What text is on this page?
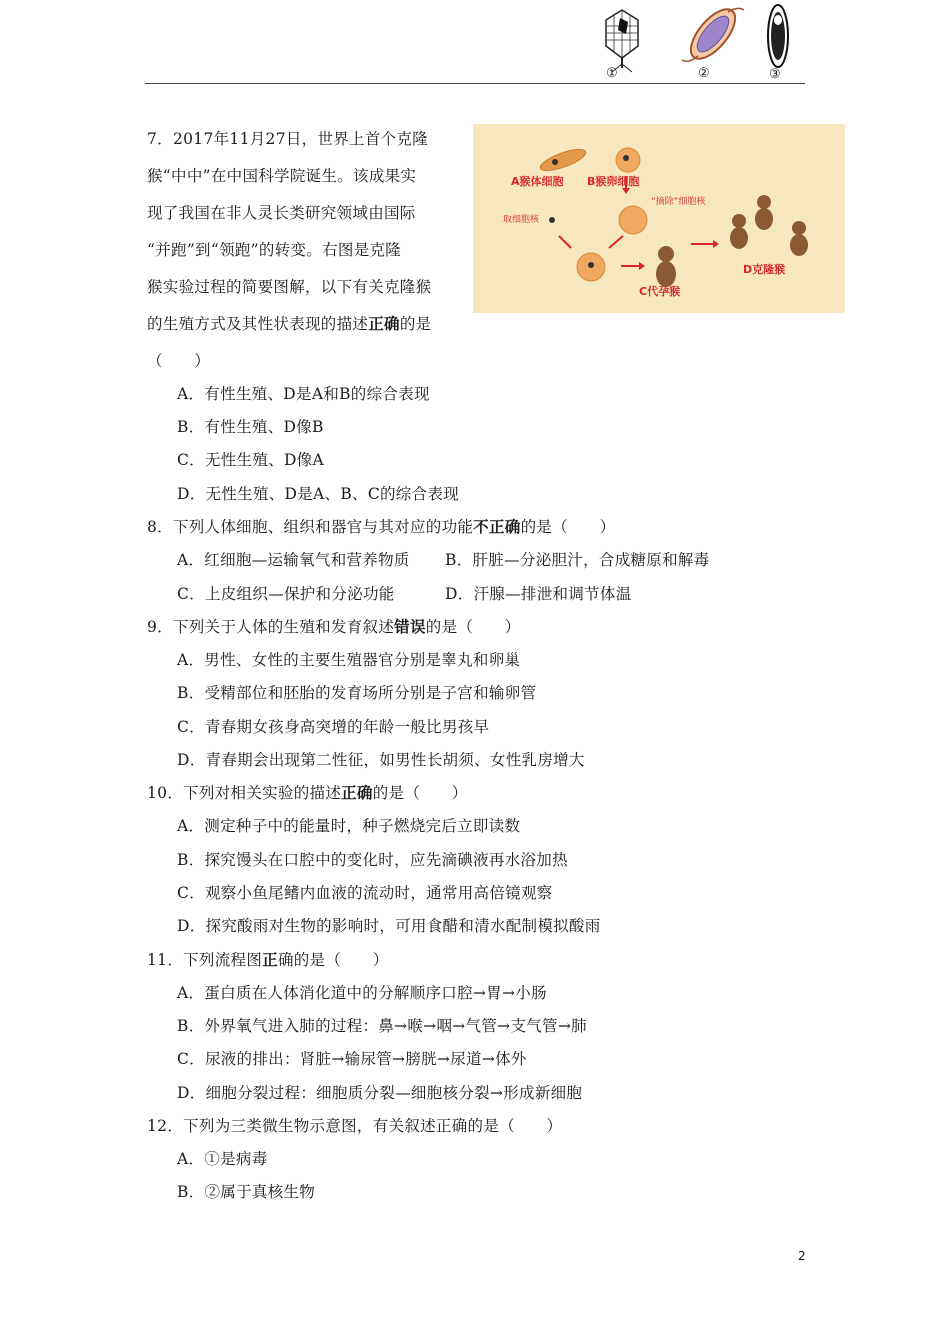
①	②	③
7．2017年11月27日，世界上首个克隆
猴“中中”在中国科学院诞生。该成果实
现了我国在非人灵长类研究领域由国际
“并跑”到“领跑”的转变。右图是克隆
猴实验过程的简要图解，以下有关克隆猴
的生殖方式及其性状表现的描述正确的是
（　　）
A．有性生殖、D是A和B的综合表现
B．有性生殖、D像B
C．无性生殖、D像A
D．无性生殖、D是A、B、C的综合表现
A猴体细胞 B猴卵细胞
取细胞核
“摘除”细胞核
C代孕猴
D克隆猴
8．下列人体细胞、组织和器官与其对应的功能不正确的是（　　）
A．红细胞—运输氧气和营养物质 B．肝脏—分泌胆汁，合成糖原和解毒
C．上皮组织—保护和分泌功能	D．汗腺—排泄和调节体温
9．下列关于人体的生殖和发育叙述错误的是（　　）
A．男性、女性的主要生殖器官分别是睾丸和卵巢
B．受精部位和胚胎的发育场所分别是子宫和输卵管
C．青春期女孩身高突增的年龄一般比男孩早
D．青春期会出现第二性征，如男性长胡须、女性乳房增大
10．下列对相关实验的描述正确的是（　　）
A．测定种子中的能量时，种子燃烧完后立即读数
B．探究馒头在口腔中的变化时，应先滴碘液再水浴加热
C．观察小鱼尾鳍内血液的流动时，通常用高倍镜观察
D．探究酸雨对生物的影响时，可用食醋和清水配制模拟酸雨
11．下列流程图正确的是（　　）
A．蛋白质在人体消化道中的分解顺序口腔→胃→小肠
B．外界氧气进入肺的过程：鼻→喉→咽→气管→支气管→肺
C．尿液的排出：肾脏→输尿管→膀胱→尿道→体外
D．细胞分裂过程：细胞质分裂—细胞核分裂→形成新细胞
12．下列为三类微生物示意图，有关叙述正确的是（　　）
A．①是病毒
B．②属于真核生物
2
